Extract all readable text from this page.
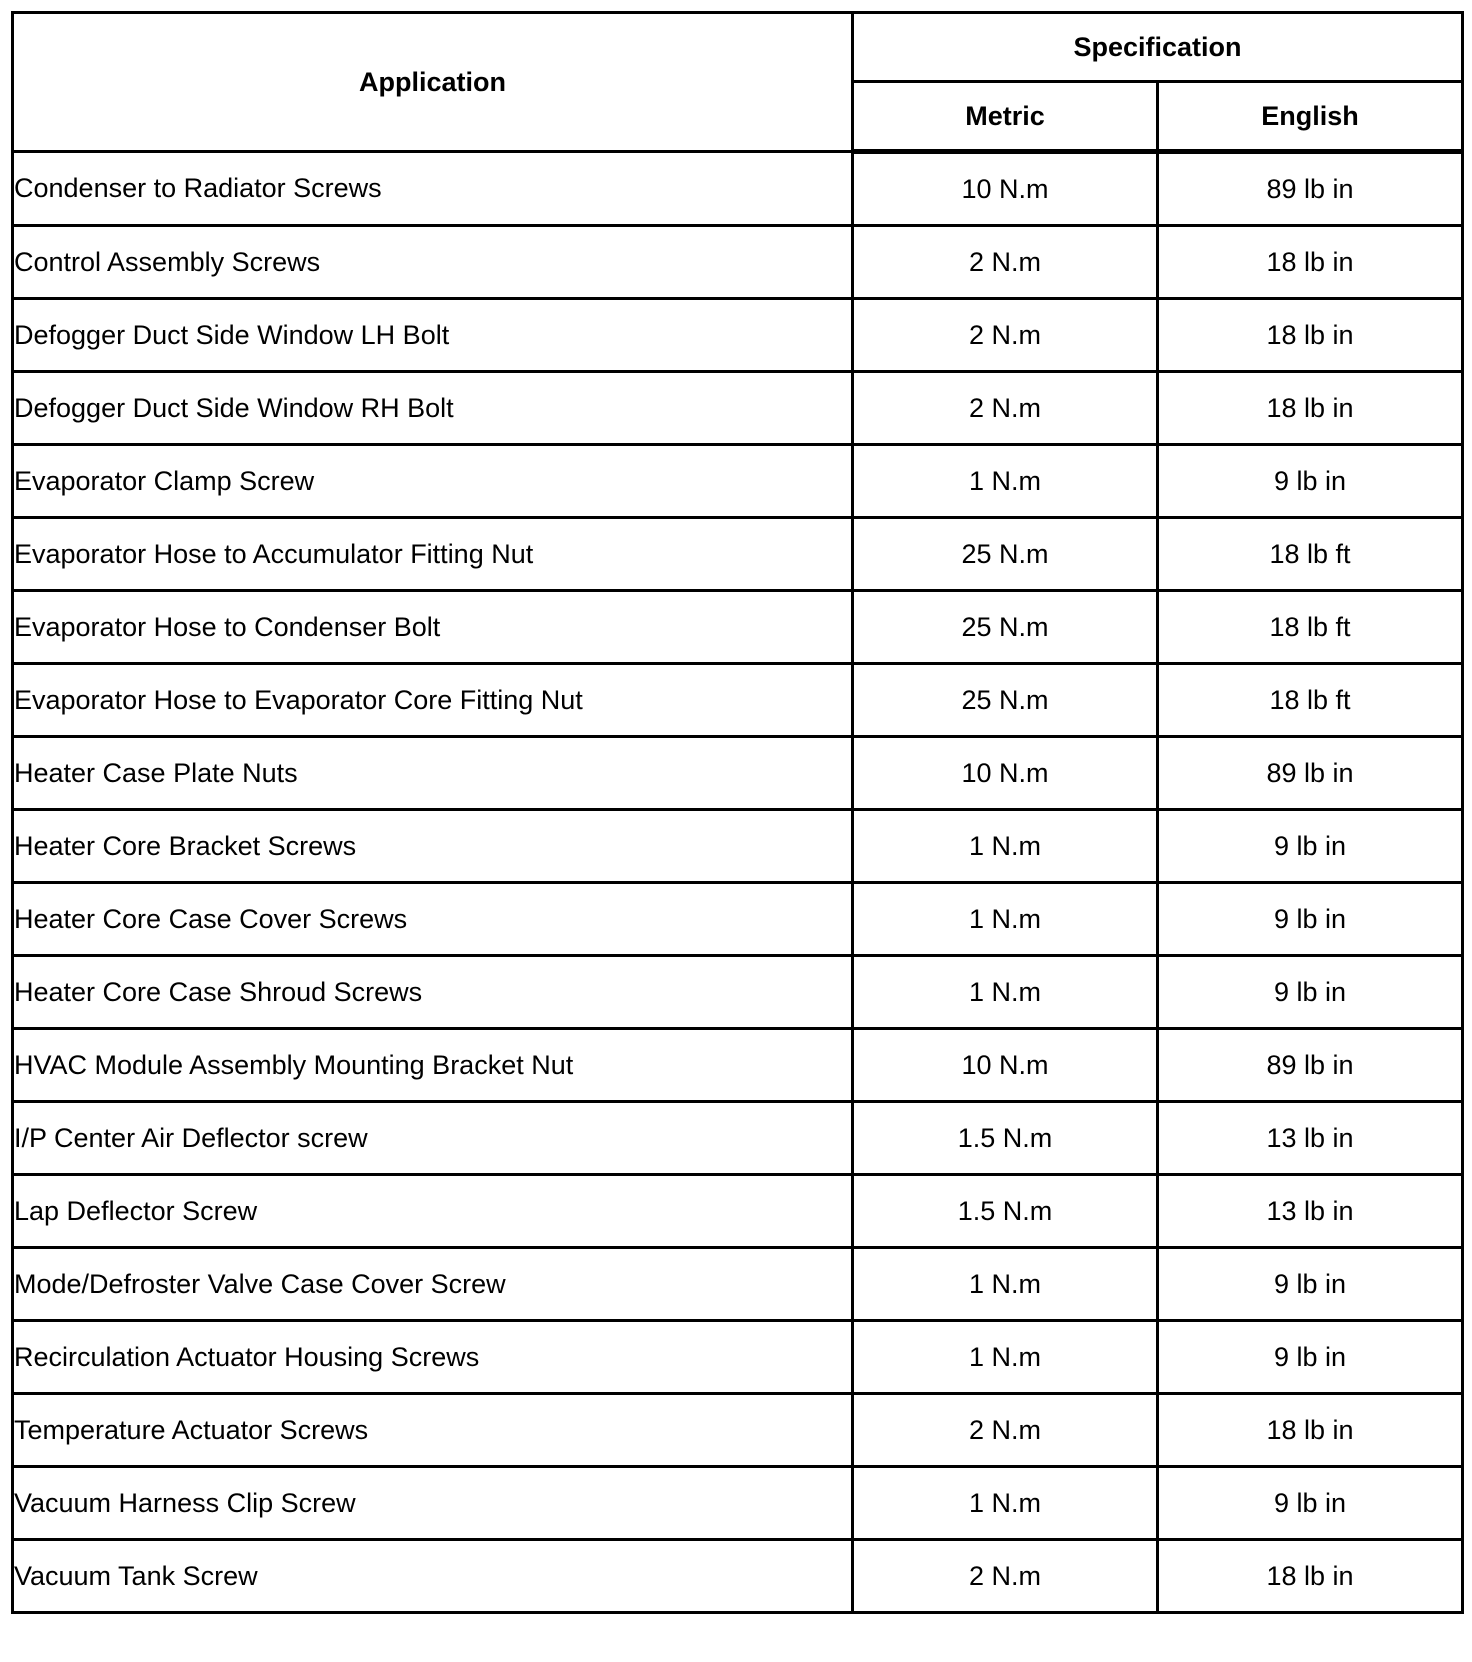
Application	Specification	
	Metric	English
Condenser to Radiator Screws	10 N.m	89 lb in
Control Assembly Screws	2 N.m	18 lb in
Defogger Duct Side Window LH Bolt	2 N.m	18 lb in
Defogger Duct Side Window RH Bolt	2 N.m	18 lb in
Evaporator Clamp Screw	1 N.m	9 lb in
Evaporator Hose to Accumulator Fitting Nut	25 N.m	18 lb ft
Evaporator Hose to Condenser Bolt	25 N.m	18 lb ft
Evaporator Hose to Evaporator Core Fitting Nut	25 N.m	18 lb ft
Heater Case Plate Nuts	10 N.m	89 lb in
Heater Core Bracket Screws	1 N.m	9 lb in
Heater Core Case Cover Screws	1 N.m	9 lb in
Heater Core Case Shroud Screws	1 N.m	9 lb in
HVAC Module Assembly Mounting Bracket Nut	10 N.m	89 lb in
I/P Center Air Deflector screw	1.5 N.m	13 lb in
Lap Deflector Screw	1.5 N.m	13 lb in
Mode/Defroster Valve Case Cover Screw	1 N.m	9 lb in
Recirculation Actuator Housing Screws	1 N.m	9 lb in
Temperature Actuator Screws	2 N.m	18 lb in
Vacuum Harness Clip Screw	1 N.m	9 lb in
Vacuum Tank Screw	2 N.m	18 lb in
